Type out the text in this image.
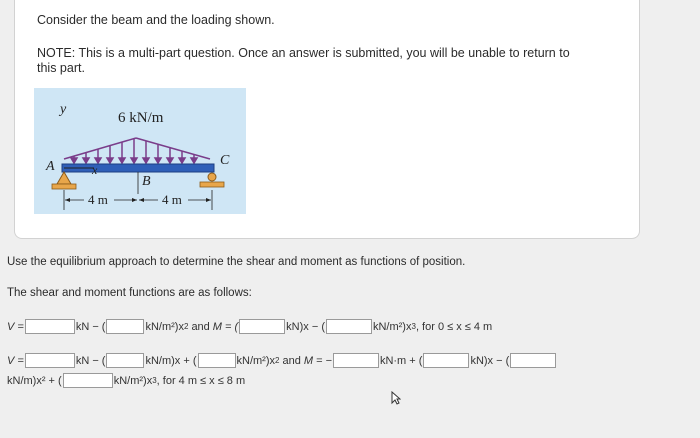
Consider the beam and the loading shown.
NOTE: This is a multi-part question. Once an answer is submitted, you will be unable to return to
this part.
y
6 kN/m
A	x
C
B
4 m	4 m
Use the equilibrium approach to determine the shear and moment as functions of position.
The shear and moment functions are as follows:
V =	kN − (	kN/m²)x 2 and M = (	kN)x − (	kN/m²)x 3 , for 0 ≤ x ≤ 4 m
V =	kN − (	kN/m)x + (	kN/m²)x 2 and M = −	kN·m + (	kN)x − (
kN/m)x² + (	kN/m²)x 3 , for 4 m ≤ x ≤ 8 m
